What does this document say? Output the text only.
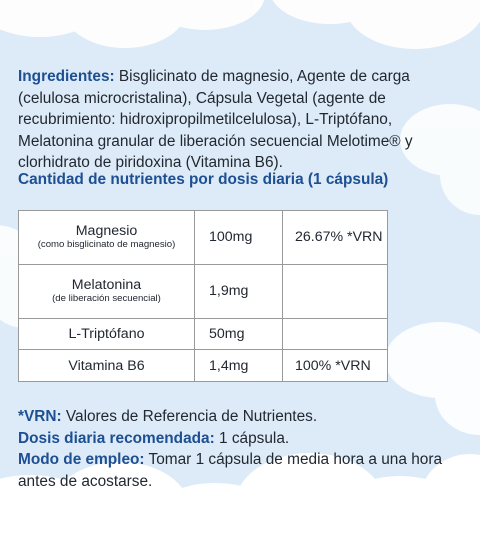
Ingredientes: Bisglicinato de magnesio, Agente de carga (celulosa microcristalina), Cápsula Vegetal (agente de recubrimiento: hidroxipropilmetilcelulosa), L-Triptófano, Melatonina granular de liberación secuencial Melotime® y clorhidrato de piridoxina (Vitamina B6).
Cantidad de nutrientes por dosis diaria (1 cápsula)
Magnesio
(como bisglicinato de magnesio)	100mg	26.67% *VRN
Melatonina
(de liberación secuencial)	1,9mg	
L-Triptófano	50mg	
Vitamina B6	1,4mg	100% *VRN

*VRN: Valores de Referencia de Nutrientes.

Dosis diaria recomendada: 1 cápsula.

Modo de empleo: Tomar 1 cápsula de media hora a una hora antes de acostarse.
